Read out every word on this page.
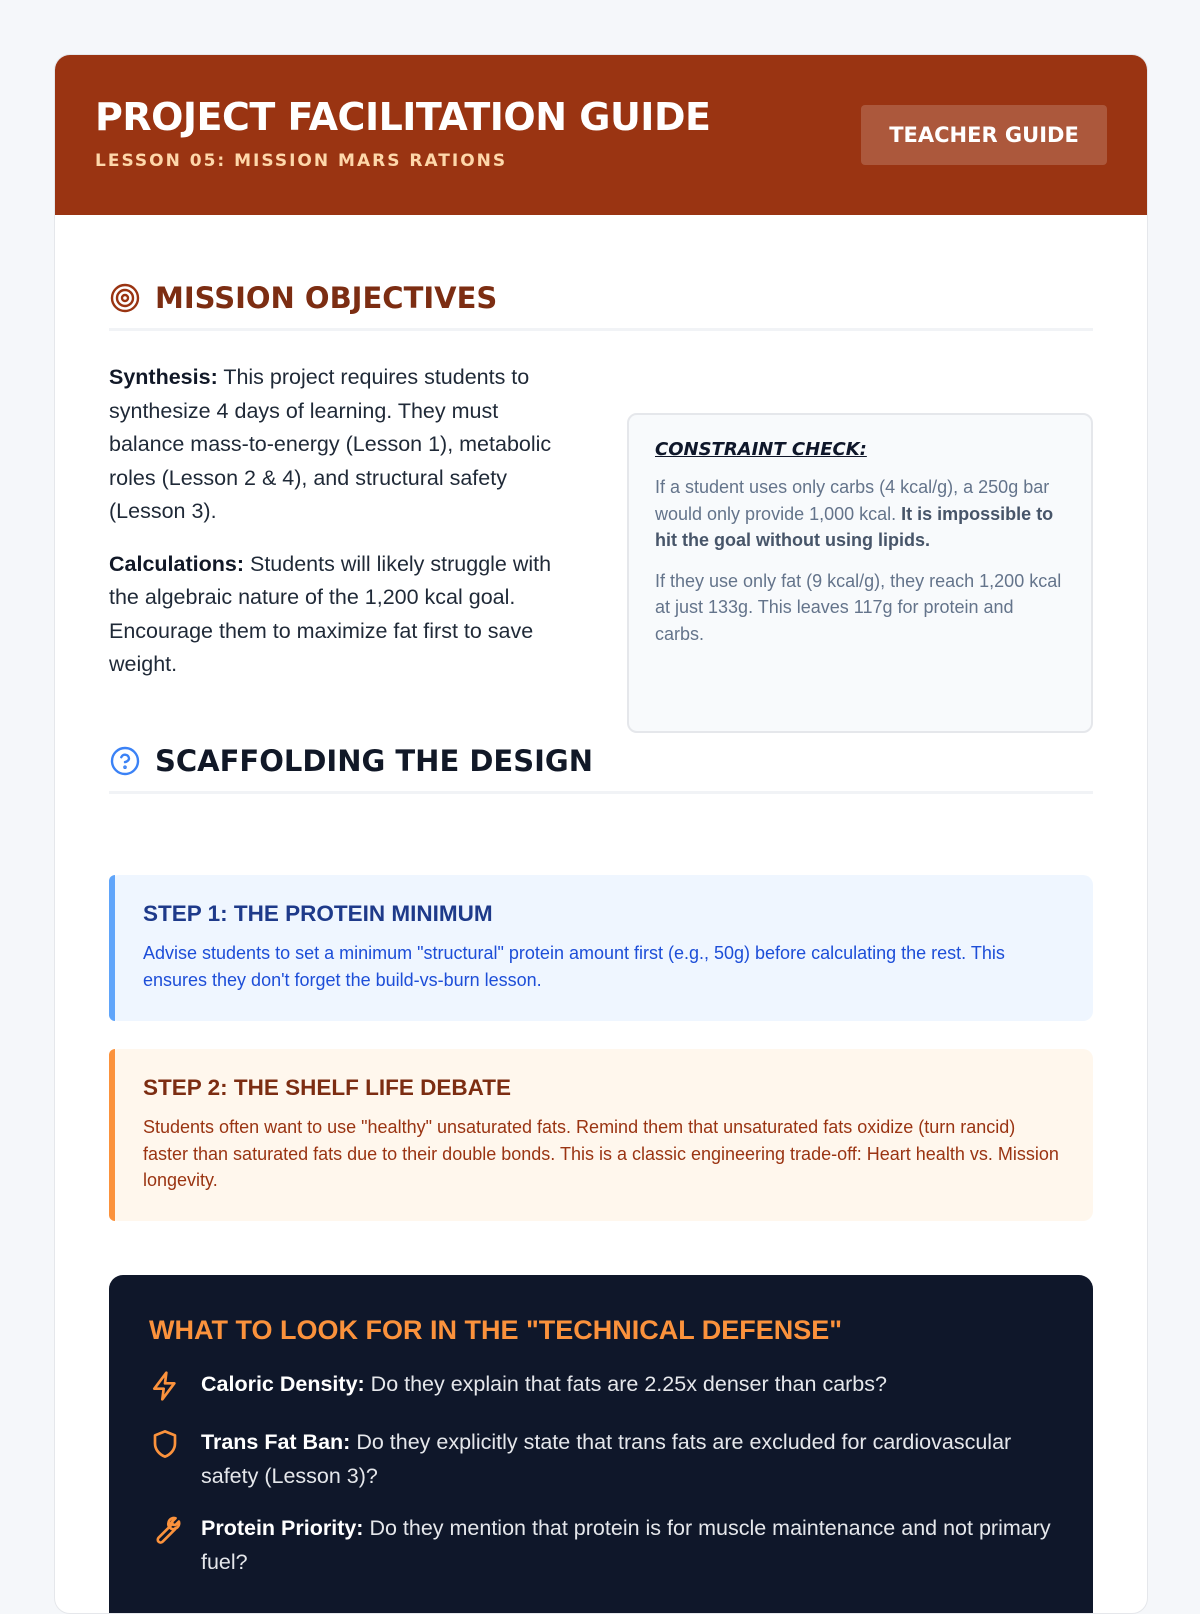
PROJECT FACILITATION GUIDE
LESSON 05: MISSION MARS RATIONS
TEACHER GUIDE
MISSION OBJECTIVES

Synthesis: This project requires students to synthesize 4 days of learning. They must balance mass-to-energy (Lesson 1), metabolic roles (Lesson 2 & 4), and structural safety (Lesson 3).

Calculations: Students will likely struggle with the algebraic nature of the 1,200 kcal goal. Encourage them to maximize fat first to save weight.

CONSTRAINT CHECK:

If a student uses only carbs (4 kcal/g), a 250g bar would only provide 1,000 kcal. It is impossible to hit the goal without using lipids.

If they use only fat (9 kcal/g), they reach 1,200 kcal at just 133g. This leaves 117g for protein and carbs.

SCAFFOLDING THE DESIGN
STEP 1: THE PROTEIN MINIMUM

Advise students to set a minimum "structural" protein amount first (e.g., 50g) before calculating the rest. This ensures they don't forget the build-vs-burn lesson.

STEP 2: THE SHELF LIFE DEBATE

Students often want to use "healthy" unsaturated fats. Remind them that unsaturated fats oxidize (turn rancid) faster than saturated fats due to their double bonds. This is a classic engineering trade-off: Heart health vs. Mission longevity.

WHAT TO LOOK FOR IN THE "TECHNICAL DEFENSE"
Caloric Density: Do they explain that fats are 2.25x denser than carbs?
Trans Fat Ban: Do they explicitly state that trans fats are excluded for cardiovascular safety (Lesson 3)?
Protein Priority: Do they mention that protein is for muscle maintenance and not primary fuel?
